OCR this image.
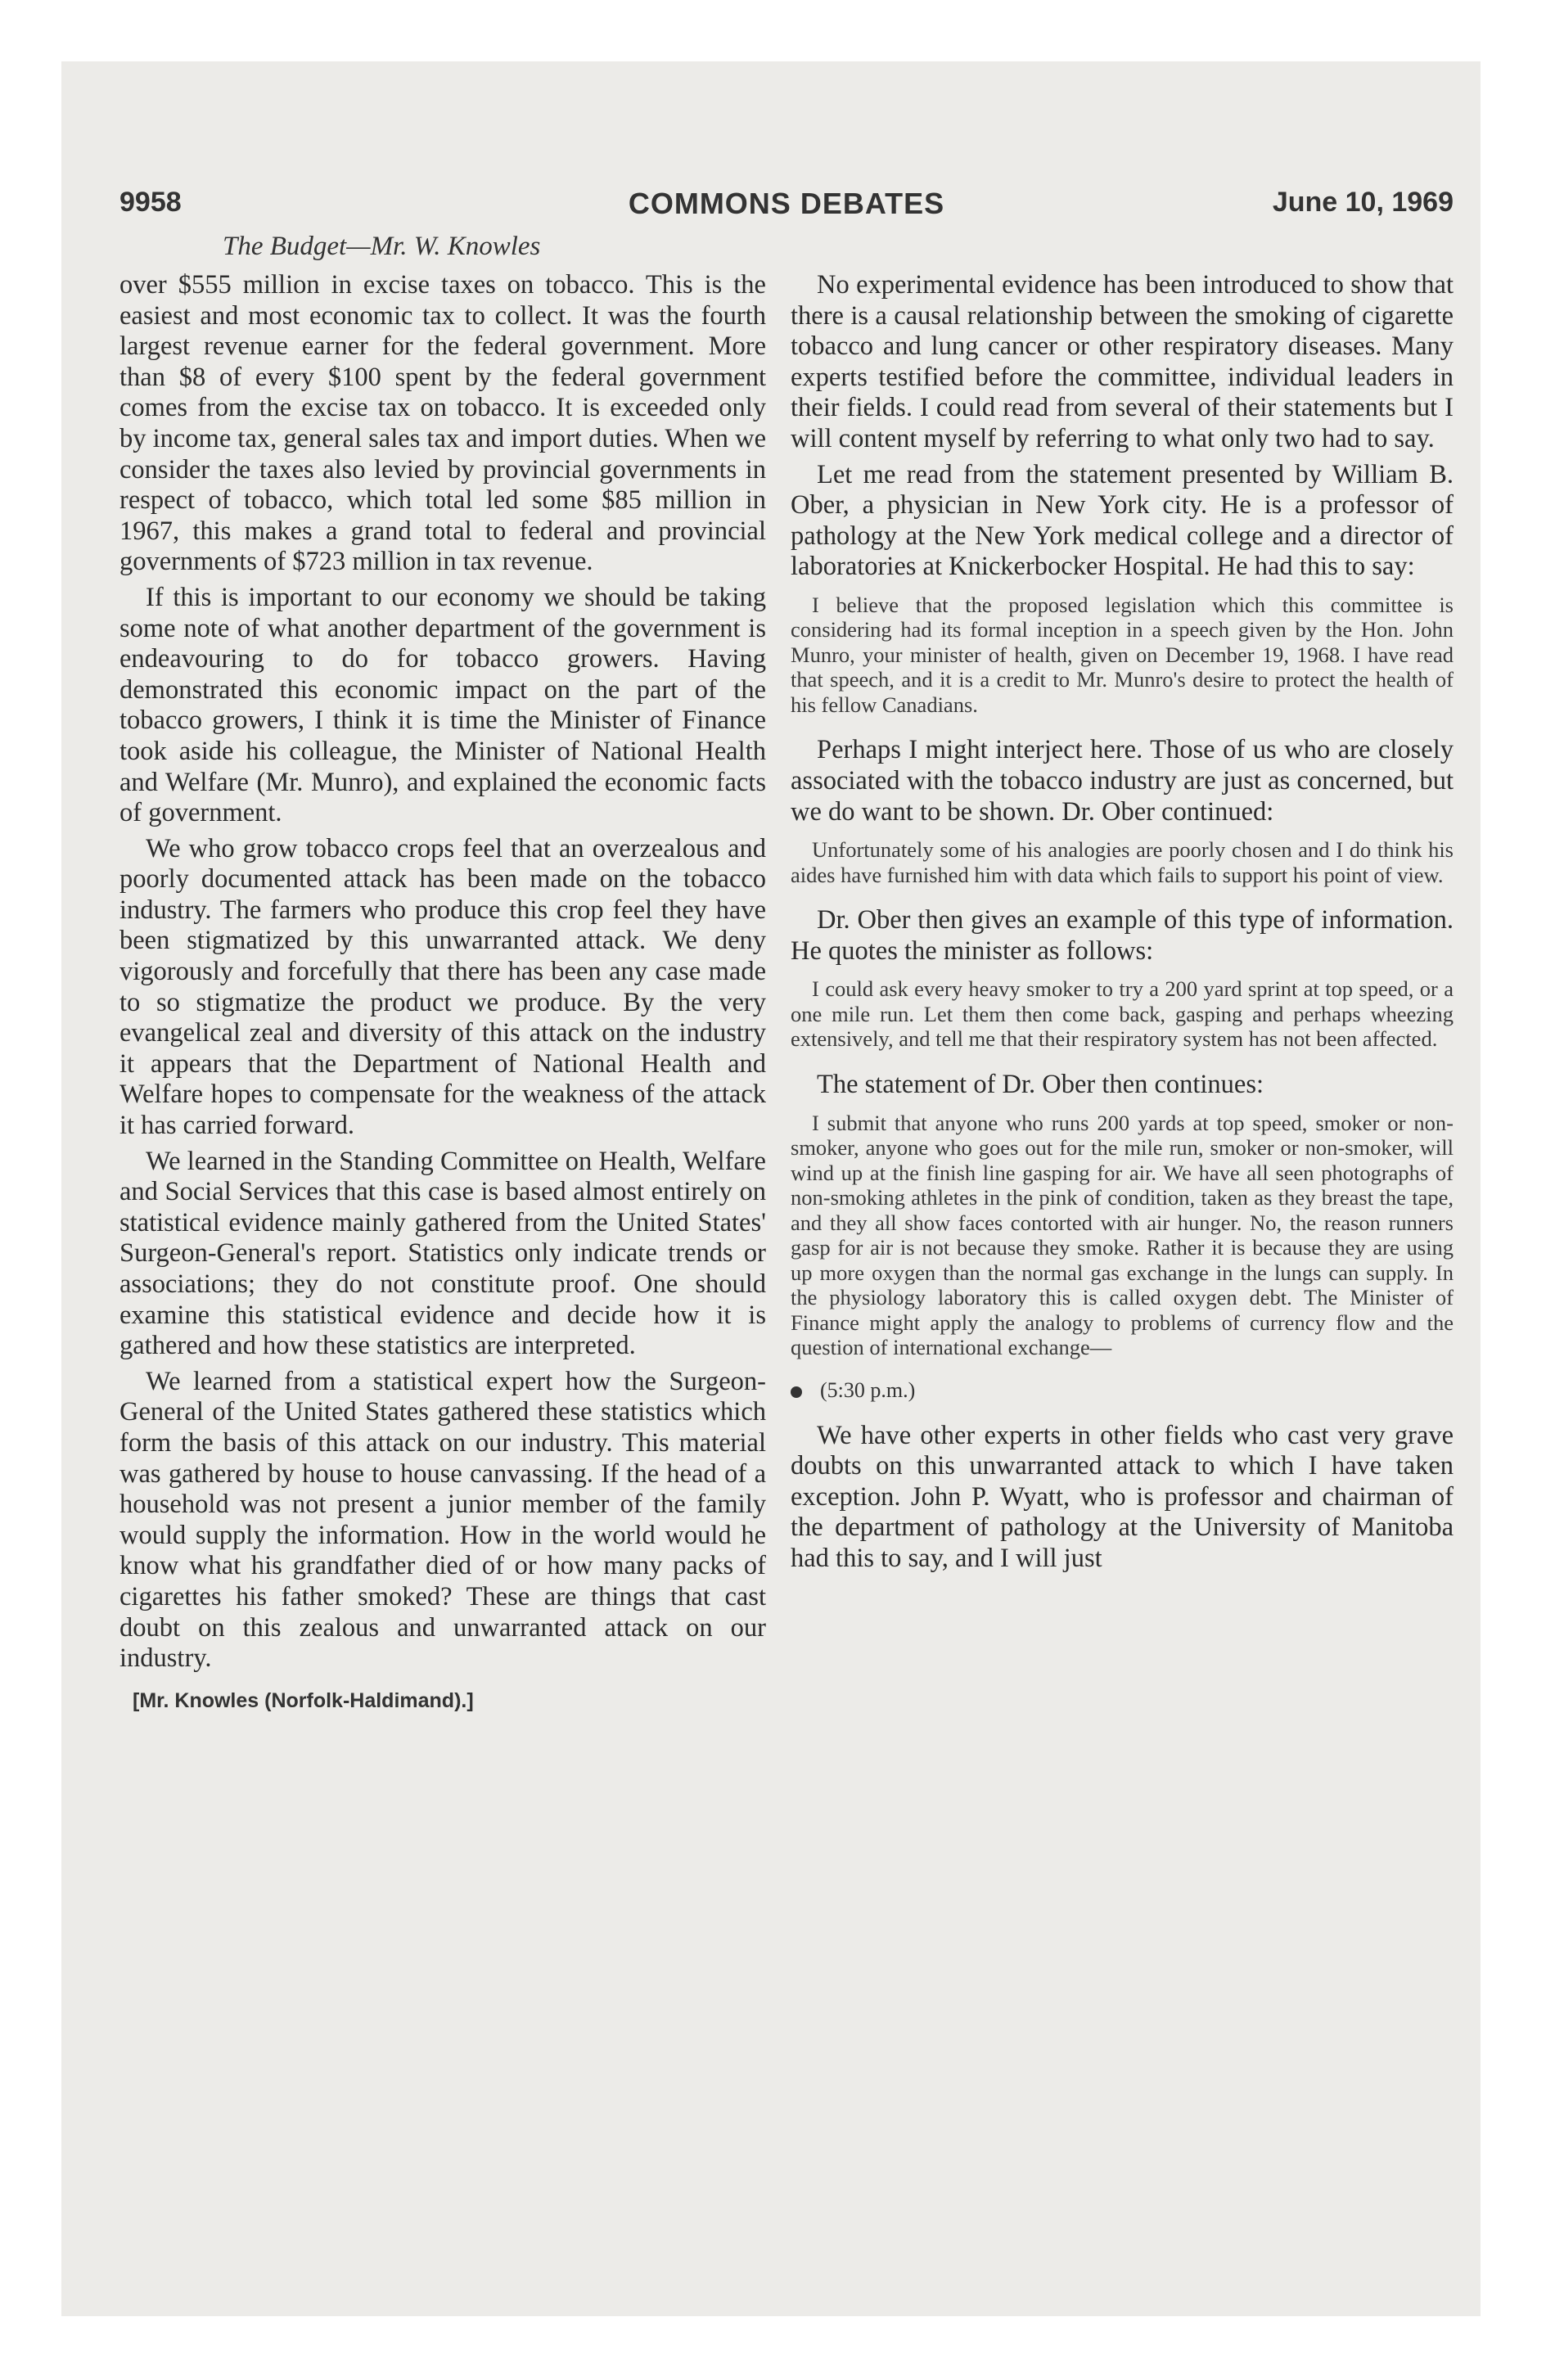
9958	COMMONS DEBATES	June 10, 1969
The Budget—Mr. W. Knowles

over $555 million in excise taxes on tobacco. This is the easiest and most economic tax to collect. It was the fourth largest revenue earner for the federal government. More than $8 of every $100 spent by the federal government comes from the excise tax on tobacco. It is exceeded only by income tax, general sales tax and import duties. When we consider the taxes also levied by provincial governments in respect of tobacco, which total led some $85 million in 1967, this makes a grand total to federal and provincial governments of $723 million in tax revenue.

If this is important to our economy we should be taking some note of what another department of the government is endeavouring to do for tobacco growers. Having demonstrated this economic impact on the part of the tobacco growers, I think it is time the Minister of Finance took aside his colleague, the Minister of National Health and Welfare (Mr. Munro), and explained the economic facts of government.

We who grow tobacco crops feel that an overzealous and poorly documented attack has been made on the tobacco industry. The farmers who produce this crop feel they have been stigmatized by this unwarranted attack. We deny vigorously and forcefully that there has been any case made to so stigmatize the product we produce. By the very evangelical zeal and diversity of this attack on the industry it appears that the Department of National Health and Welfare hopes to compensate for the weakness of the attack it has carried forward.

We learned in the Standing Committee on Health, Welfare and Social Services that this case is based almost entirely on statistical evidence mainly gathered from the United States' Surgeon-General's report. Statistics only indicate trends or associations; they do not constitute proof. One should examine this statistical evidence and decide how it is gathered and how these statistics are interpreted.

We learned from a statistical expert how the Surgeon-General of the United States gathered these statistics which form the basis of this attack on our industry. This material was gathered by house to house canvassing. If the head of a household was not present a junior member of the family would supply the information. How in the world would he know what his grandfather died of or how many packs of cigarettes his father smoked? These are things that cast doubt on this zealous and unwarranted attack on our industry.

[Mr. Knowles (Norfolk-Haldimand).]

No experimental evidence has been introduced to show that there is a causal relationship between the smoking of cigarette tobacco and lung cancer or other respiratory diseases. Many experts testified before the committee, individual leaders in their fields. I could read from several of their statements but I will content myself by referring to what only two had to say.

Let me read from the statement presented by William B. Ober, a physician in New York city. He is a professor of pathology at the New York medical college and a director of laboratories at Knickerbocker Hospital. He had this to say:

I believe that the proposed legislation which this committee is considering had its formal inception in a speech given by the Hon. John Munro, your minister of health, given on December 19, 1968. I have read that speech, and it is a credit to Mr. Munro's desire to protect the health of his fellow Canadians.

Perhaps I might interject here. Those of us who are closely associated with the tobacco industry are just as concerned, but we do want to be shown. Dr. Ober continued:

Unfortunately some of his analogies are poorly chosen and I do think his aides have furnished him with data which fails to support his point of view.

Dr. Ober then gives an example of this type of information. He quotes the minister as follows:

I could ask every heavy smoker to try a 200 yard sprint at top speed, or a one mile run. Let them then come back, gasping and perhaps wheezing extensively, and tell me that their respiratory system has not been affected.

The statement of Dr. Ober then continues:

I submit that anyone who runs 200 yards at top speed, smoker or non-smoker, anyone who goes out for the mile run, smoker or non-smoker, will wind up at the finish line gasping for air. We have all seen photographs of non-smoking athletes in the pink of condition, taken as they breast the tape, and they all show faces contorted with air hunger. No, the reason runners gasp for air is not because they smoke. Rather it is because they are using up more oxygen than the normal gas exchange in the lungs can supply. In the physiology laboratory this is called oxygen debt. The Minister of Finance might apply the analogy to problems of currency flow and the question of international exchange—

(5:30 p.m.)

We have other experts in other fields who cast very grave doubts on this unwarranted attack to which I have taken exception. John P. Wyatt, who is professor and chairman of the department of pathology at the University of Manitoba had this to say, and I will just
